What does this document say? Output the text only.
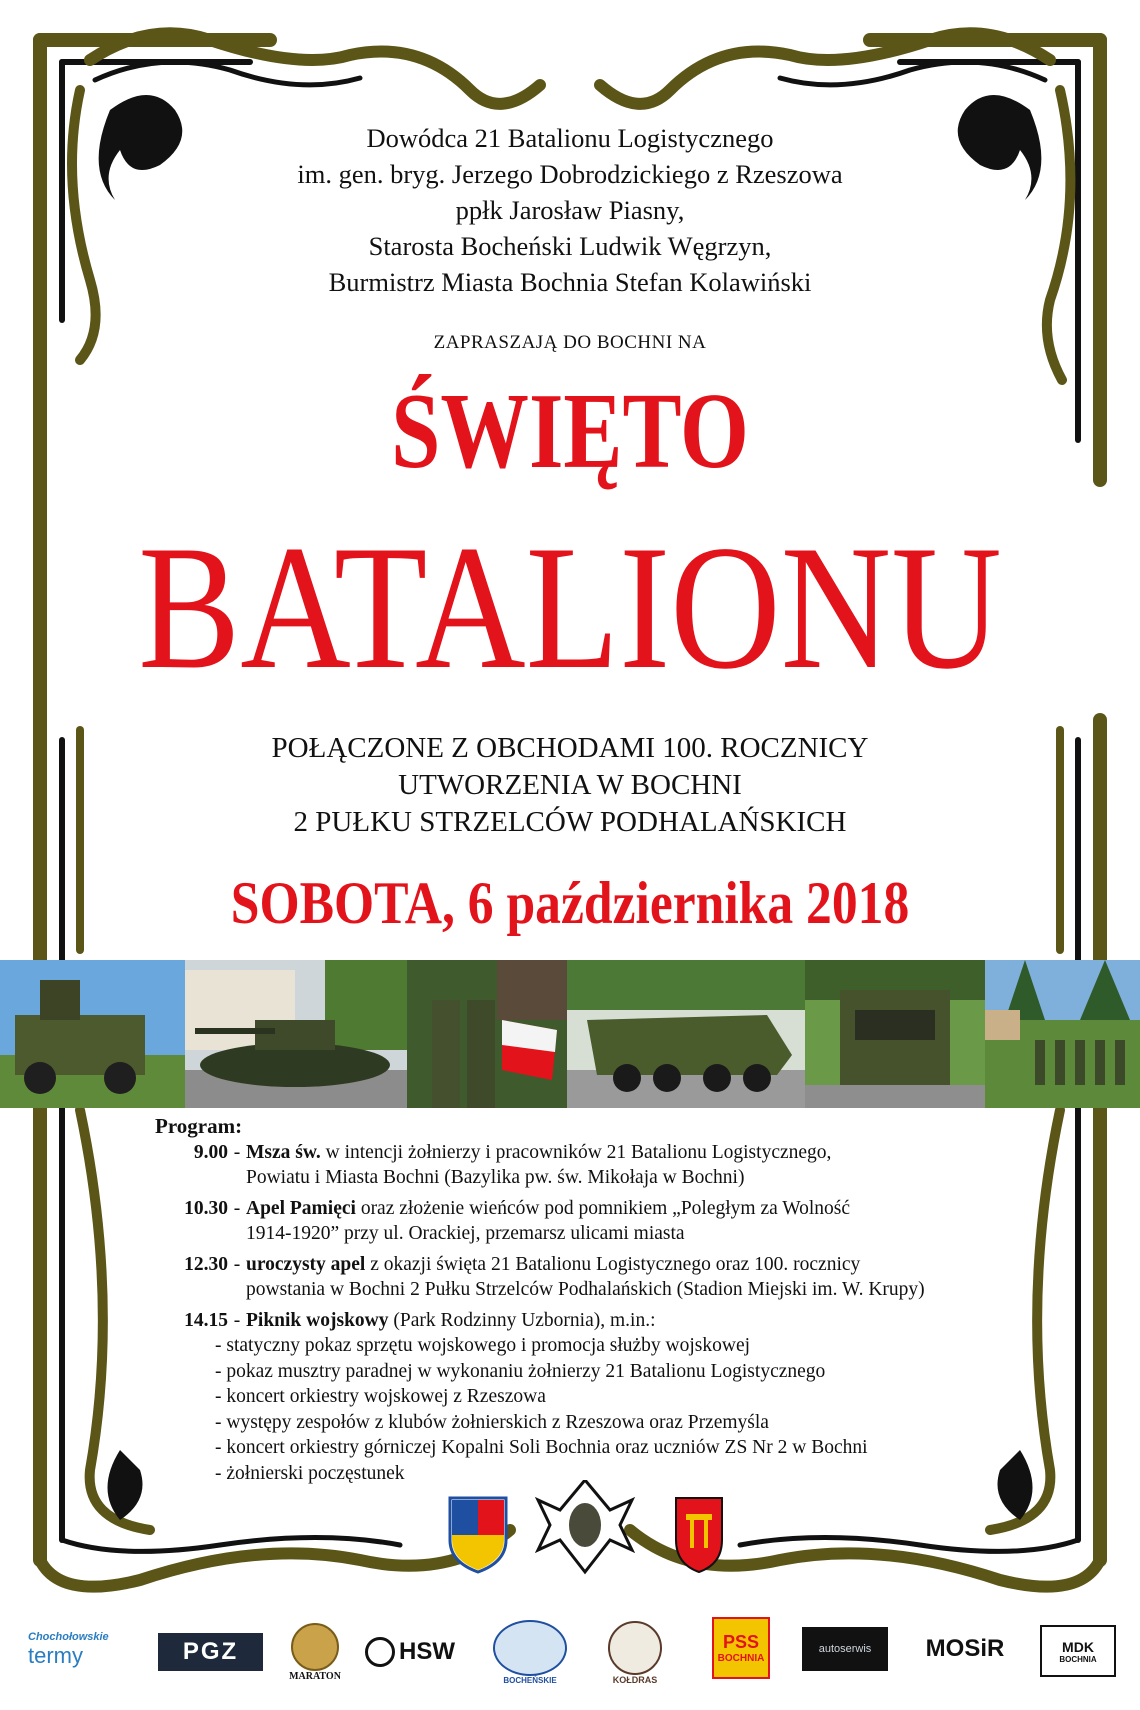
Dowódca 21 Batalionu Logistycznego
im. gen. bryg. Jerzego Dobrodzickiego z Rzeszowa
ppłk Jarosław Piasny,
Starosta Bocheński Ludwik Węgrzyn,
Burmistrz Miasta Bochnia Stefan Kolawiński
ZAPRASZAJĄ DO BOCHNI NA
ŚWIĘTO
BATALIONU
POŁĄCZONE Z OBCHODAMI 100. ROCZNICY
UTWORZENIA W BOCHNI
2 PUŁKU STRZELCÓW PODHALAŃSKICH
SOBOTA, 6 października 2018
Program:
9.00 - Msza św. w intencji żołnierzy i pracowników 21 Batalionu Logistycznego,
Powiatu i Miasta Bochni (Bazylika pw. św. Mikołaja w Bochni)
10.30 - Apel Pamięci oraz złożenie wieńców pod pomnikiem „Poległym za Wolność
1914-1920” przy ul. Orackiej, przemarsz ulicami miasta
12.30 - uroczysty apel z okazji święta 21 Batalionu Logistycznego oraz 100. rocznicy
powstania w Bochni 2 Pułku Strzelców Podhalańskich (Stadion Miejski im. W. Krupy)
14.15 - Piknik wojskowy (Park Rodzinny Uzbornia), m.in.:
- statyczny pokaz sprzętu wojskowego i promocja służby wojskowej
- pokaz musztry paradnej w wykonaniu żołnierzy 21 Batalionu Logistycznego
- koncert orkiestry wojskowej z Rzeszowa
- występy zespołów z klubów żołnierskich z Rzeszowa oraz Przemyśla
- koncert orkiestry górniczej Kopalni Soli Bochnia oraz uczniów ZS Nr 2 w Bochni
- żołnierski poczęstunek
Chochołowskie
termy	PGZ
MARATON
HSW
BOCHEŃSKIE	KOŁDRAS
PSS
BOCHNIA
autoserwis MOSiR	MDK
BOCHNIA
